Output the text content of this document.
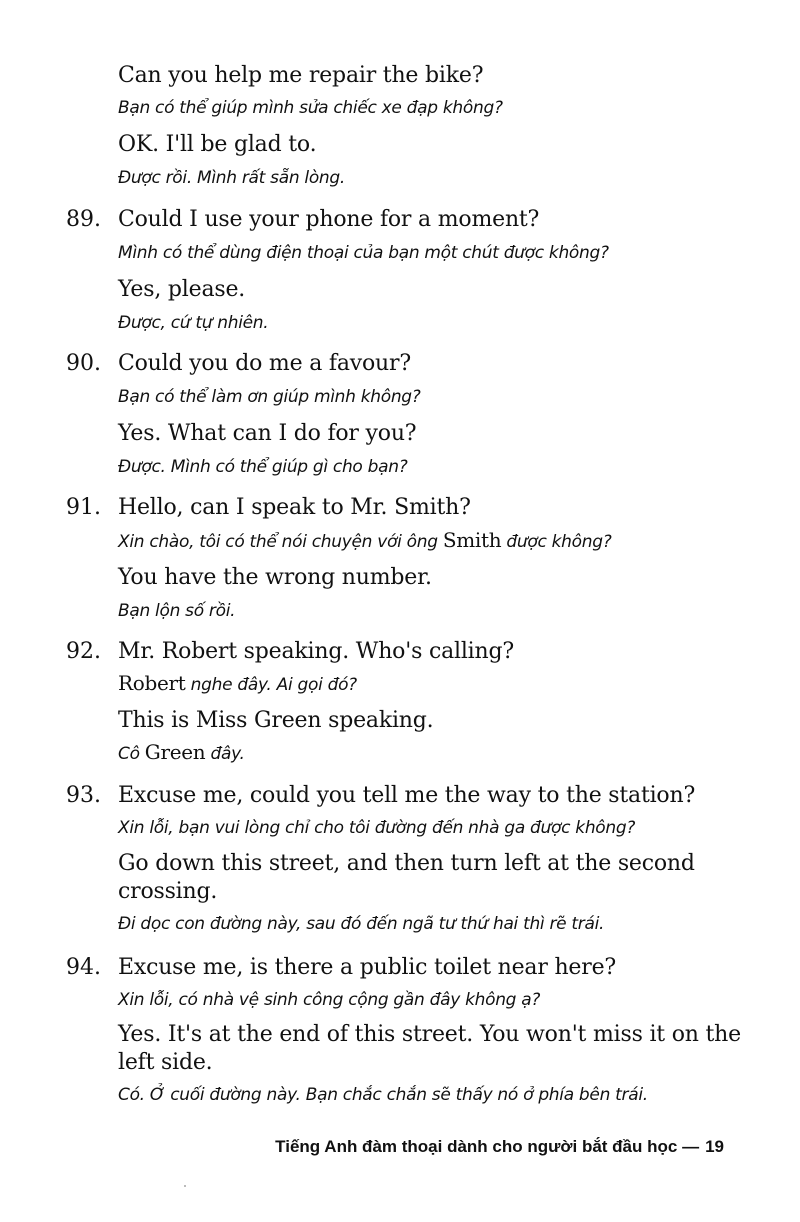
Can you help me repair the bike?

Bạn có thể giúp mình sửa chiếc xe đạp không?

OK. I'll be glad to.

Được rồi. Mình rất sẵn lòng.

89. Could I use your phone for a moment?

Mình có thể dùng điện thoại của bạn một chút được không?

Yes, please.

Được, cứ tự nhiên.

90. Could you do me a favour?

Bạn có thể làm ơn giúp mình không?

Yes. What can I do for you?

Được. Mình có thể giúp gì cho bạn?

91. Hello, can I speak to Mr. Smith?

Xin chào, tôi có thể nói chuyện với ông Smith được không?

You have the wrong number.

Bạn lộn số rồi.

92. Mr. Robert speaking. Who's calling?

Robert nghe đây. Ai gọi đó?

This is Miss Green speaking.

Cô Green đây.

93. Excuse me, could you tell me the way to the station?

Xin lỗi, bạn vui lòng chỉ cho tôi đường đến nhà ga được không?

Go down this street, and then turn left at the second

crossing.

Đi dọc con đường này, sau đó đến ngã tư thứ hai thì rẽ trái.

94. Excuse me, is there a public toilet near here?

Xin lỗi, có nhà vệ sinh công cộng gần đây không ạ?

Yes. It's at the end of this street. You won't miss it on the

left side.

Có. Ở cuối đường này. Bạn chắc chắn sẽ thấy nó ở phía bên trái.

Tiếng Anh đàm thoại dành cho người bắt đầu học — 19
